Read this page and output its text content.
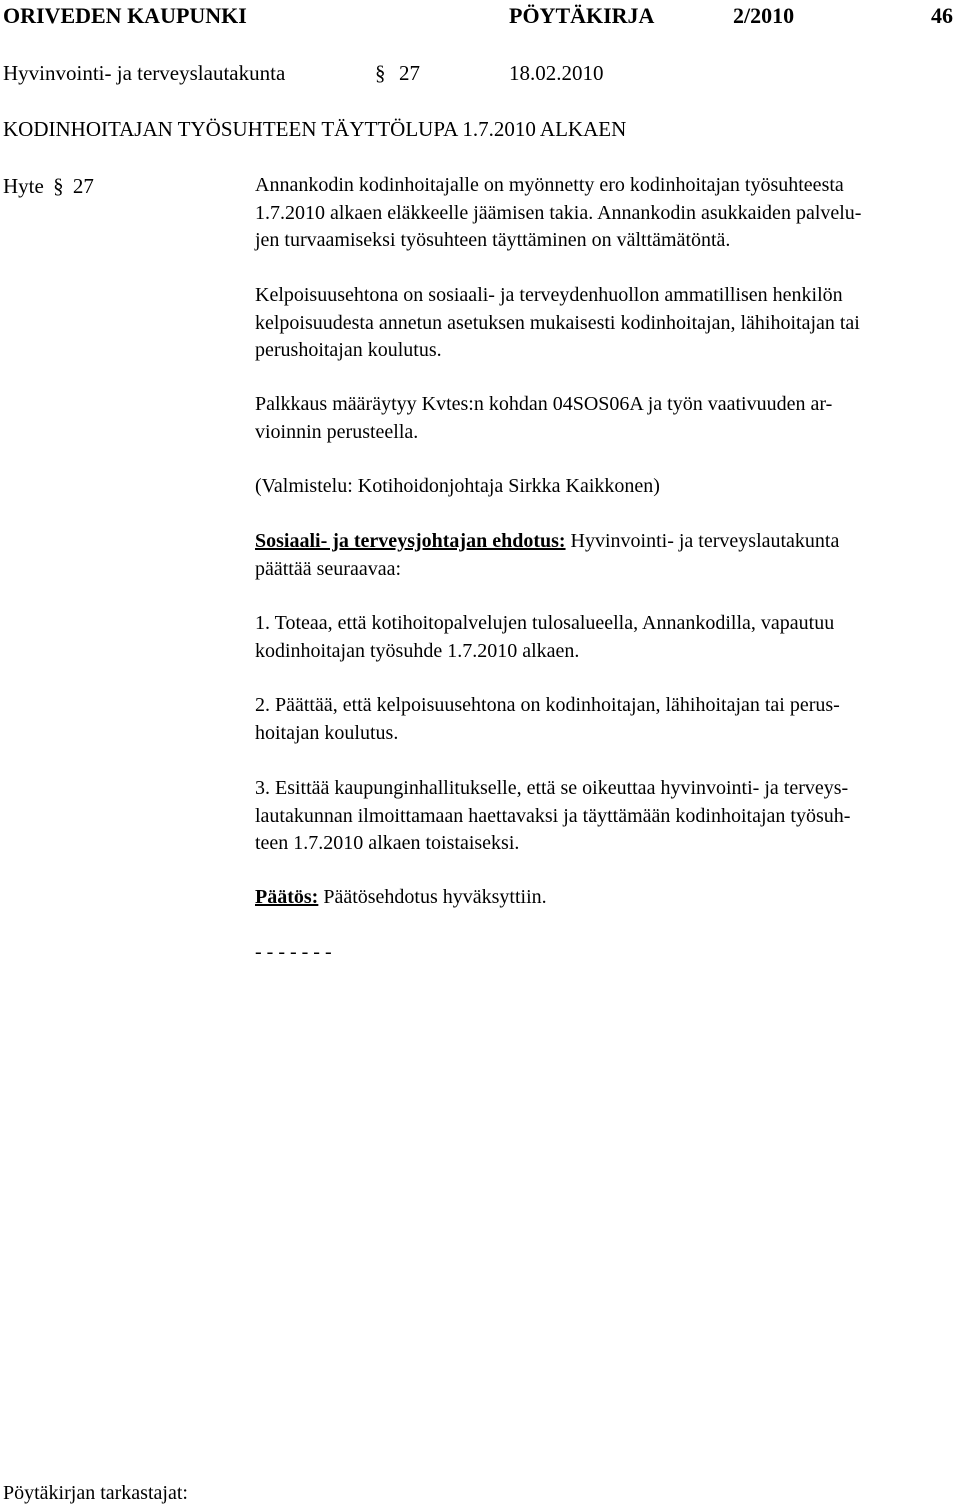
ORIVEDEN KAUPUNKI	PÖYTÄKIRJA	2/2010	46
Hyvinvointi- ja terveyslautakunta	§ 27	18.02.2010
KODINHOITAJAN TYÖSUHTEEN TÄYTTÖLUPA 1.7.2010 ALKAEN
Hyte § 27	Annankodin kodinhoitajalle on myönnetty ero kodinhoitajan työsuhteesta
1.7.2010 alkaen eläkkeelle jäämisen takia. Annankodin asukkaiden palvelu-
jen turvaamiseksi työsuhteen täyttäminen on välttämätöntä.
Kelpoisuusehtona on sosiaali- ja terveydenhuollon ammatillisen henkilön
kelpoisuudesta annetun asetuksen mukaisesti kodinhoitajan, lähihoitajan tai
perushoitajan koulutus.
Palkkaus määräytyy Kvtes:n kohdan 04SOS06A ja työn vaativuuden ar-
vioinnin perusteella.
(Valmistelu: Kotihoidonjohtaja Sirkka Kaikkonen)
Sosiaali- ja terveysjohtajan ehdotus: Hyvinvointi- ja terveyslautakunta
päättää seuraavaa:
1. Toteaa, että kotihoitopalvelujen tulosalueella, Annankodilla, vapautuu
kodinhoitajan työsuhde 1.7.2010 alkaen.
2. Päättää, että kelpoisuusehtona on kodinhoitajan, lähihoitajan tai perus-
hoitajan koulutus.
3. Esittää kaupunginhallitukselle, että se oikeuttaa hyvinvointi- ja terveys-
lautakunnan ilmoittamaan haettavaksi ja täyttämään kodinhoitajan työsuh-
teen 1.7.2010 alkaen toistaiseksi.
Päätös: Päätösehdotus hyväksyttiin.
- - - - - - -
Pöytäkirjan tarkastajat:
